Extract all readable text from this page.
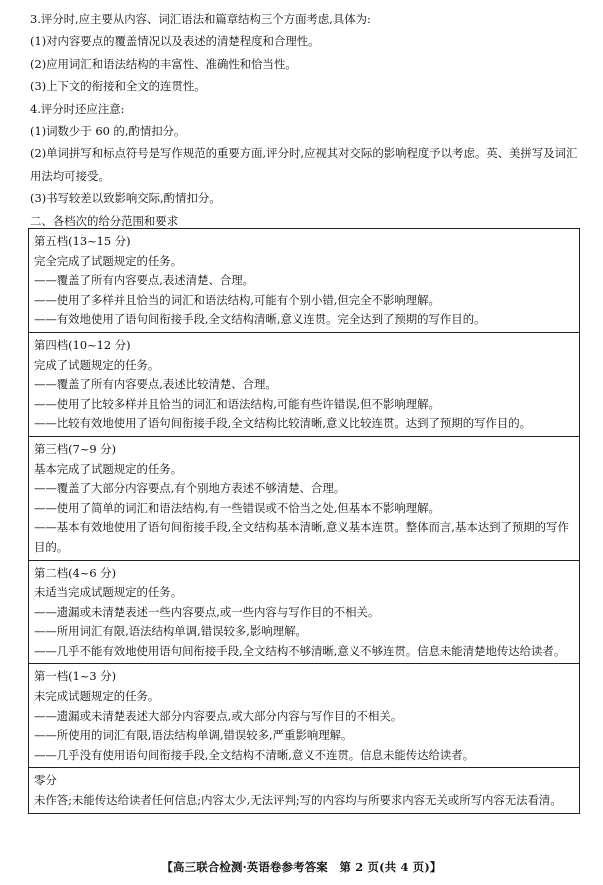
3.评分时,应主要从内容、词汇语法和篇章结构三个方面考虑,具体为:

(1)对内容要点的覆盖情况以及表述的清楚程度和合理性。

(2)应用词汇和语法结构的丰富性、准确性和恰当性。

(3)上下文的衔接和全文的连贯性。

4.评分时还应注意:

(1)词数少于 60 的,酌情扣分。

(2)单词拼写和标点符号是写作规范的重要方面,评分时,应视其对交际的影响程度予以考虑。英、美拼写及词汇用法均可接受。

(3)书写较差以致影响交际,酌情扣分。

二、各档次的给分范围和要求

第五档(13~15 分)

完全完成了试题规定的任务。

——覆盖了所有内容要点,表述清楚、合理。

——使用了多样并且恰当的词汇和语法结构,可能有个别小错,但完全不影响理解。

——有效地使用了语句间衔接手段,全文结构清晰,意义连贯。完全达到了预期的写作目的。

第四档(10~12 分)

完成了试题规定的任务。

——覆盖了所有内容要点,表述比较清楚、合理。

——使用了比较多样并且恰当的词汇和语法结构,可能有些许错误,但不影响理解。

——比较有效地使用了语句间衔接手段,全文结构比较清晰,意义比较连贯。达到了预期的写作目的。

第三档(7~9 分)

基本完成了试题规定的任务。

——覆盖了大部分内容要点,有个别地方表述不够清楚、合理。

——使用了简单的词汇和语法结构,有一些错误或不恰当之处,但基本不影响理解。

——基本有效地使用了语句间衔接手段,全文结构基本清晰,意义基本连贯。整体而言,基本达到了预期的写作目的。

第二档(4~6 分)

未适当完成试题规定的任务。

——遗漏或未清楚表述一些内容要点,或一些内容与写作目的不相关。

——所用词汇有限,语法结构单调,错误较多,影响理解。

——几乎不能有效地使用语句间衔接手段,全文结构不够清晰,意义不够连贯。信息未能清楚地传达给读者。

第一档(1~3 分)

未完成试题规定的任务。

——遗漏或未清楚表述大部分内容要点,或大部分内容与写作目的不相关。

——所使用的词汇有限,语法结构单调,错误较多,严重影响理解。

——几乎没有使用语句间衔接手段,全文结构不清晰,意义不连贯。信息未能传达给读者。

零分

未作答;未能传达给读者任何信息;内容太少,无法评判;写的内容均与所要求内容无关或所写内容无法看清。

【高三联合检测·英语卷参考答案　第 2 页(共 4 页)】
